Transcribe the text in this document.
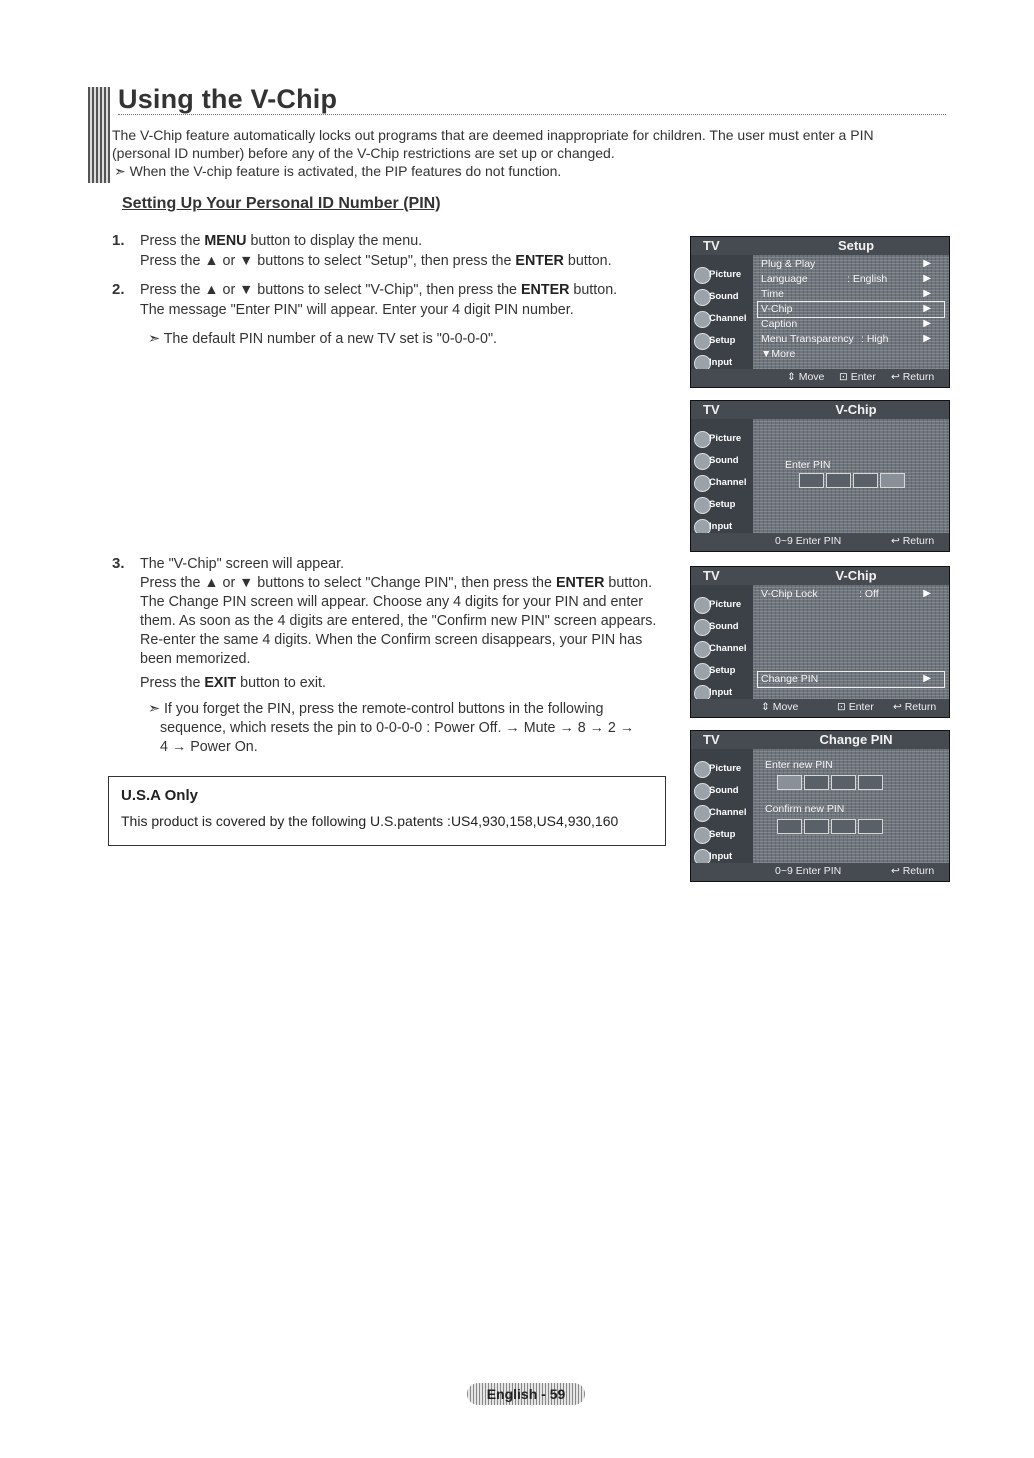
Using the V-Chip
The V-Chip feature automatically locks out programs that are deemed inappropriate for children. The user must enter a PIN
(personal ID number) before any of the V-Chip restrictions are set up or changed.
➣ When the V-chip feature is activated, the PIP features do not function.
Setting Up Your Personal ID Number (PIN)
1. Press the MENU button to display the menu.
Press the ▲ or ▼ buttons to select "Setup", then press the ENTER button.
2. Press the ▲ or ▼ buttons to select "V-Chip", then press the ENTER button.
The message "Enter PIN" will appear. Enter your 4 digit PIN number.
➣ The default PIN number of a new TV set is "0-0-0-0".
3. The "V-Chip" screen will appear.
Press the ▲ or ▼ buttons to select "Change PIN", then press the ENTER button.
The Change PIN screen will appear. Choose any 4 digits for your PIN and enter
them. As soon as the 4 digits are entered, the "Confirm new PIN" screen appears.
Re-enter the same 4 digits. When the Confirm screen disappears, your PIN has
been memorized.
Press the EXIT button to exit.
➣ If you forget the PIN, press the remote-control buttons in the following
sequence, which resets the pin to 0-0-0-0 : Power Off. → Mute → 8 → 2 →
4 → Power On.
U.S.A Only
This product is covered by the following U.S.patents :US4,930,158,US4,930,160
TV	Setup
Picture
Sound
Channel
Setup
Input
Plug & Play	▶
Language	: English	▶
Time	▶
V-Chip	▶
Caption	▶
Menu Transparency : High	▶
▼More
⇕ Move ⊡ Enter ↩ Return
TV	V-Chip
Picture
Sound
Channel
Setup
Input
Enter PIN
0~9 Enter PIN	↩ Return
TV	V-Chip
Picture
Sound
Channel
Setup
Input
V-Chip Lock	: Off	▶
Change PIN	▶
⇕ Move	⊡ Enter ↩ Return
TV	Change PIN
Picture
Sound
Channel
Setup
Input
Enter new PIN
Confirm new PIN
0~9 Enter PIN	↩ Return
English - 59
